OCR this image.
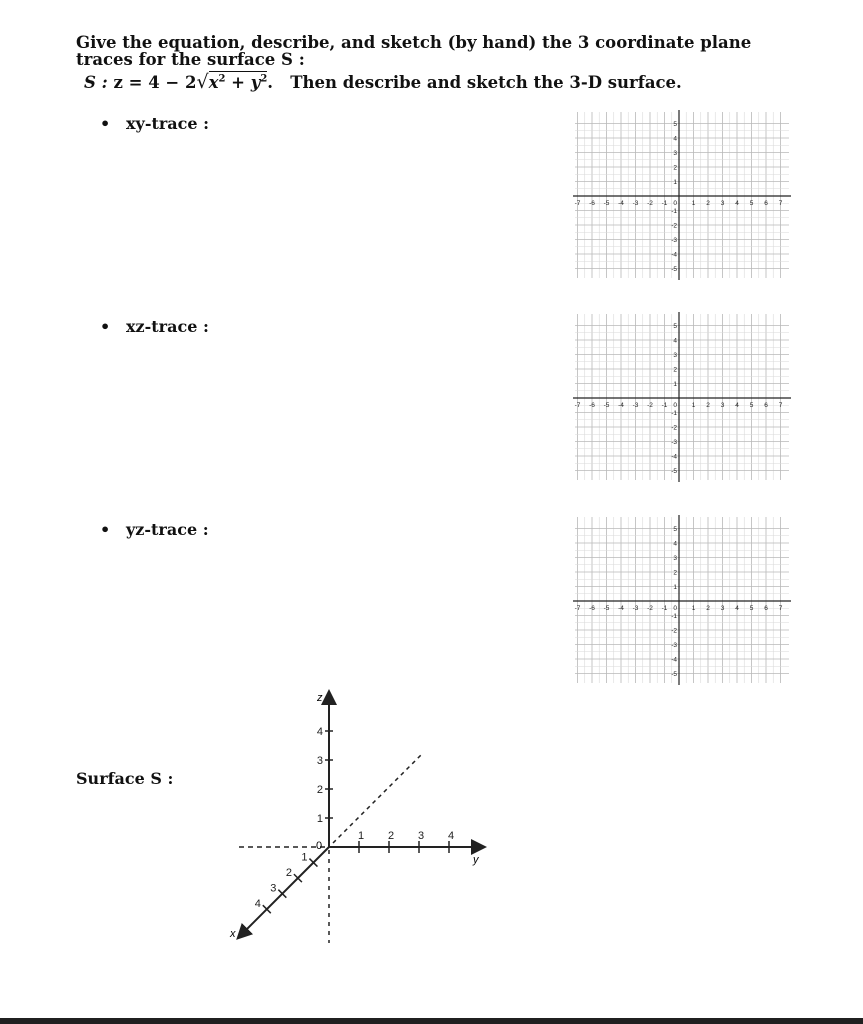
Give the equation, describe, and sketch (by hand) the 3 coordinate plane traces for the surface S :
S : $z = 4 - 2√x^2 + y^2$. Then describe and sketch the 3-D surface.
• xy-trace :
• xz-trace :
• yz-trace :
-7 -6 -5 -4 -3 -2 -1	1 2 3 4 5 6 7
5
4
3
2
1
-1
-2
-3
-4
-5
0
-7 -6 -5 -4 -3 -2 -1	1 2 3 4 5 6 7
5
4
3
2
1
-1
-2
-3
-4
-5
0
-7 -6 -5 -4 -3 -2 -1	1 2 3 4 5 6 7
5
4
3
2
1
-1
-2
-3
-4
-5
0
Surface S :
4
3
2
1
1 2 3 4
1
2
3
4
z
y
x
0
